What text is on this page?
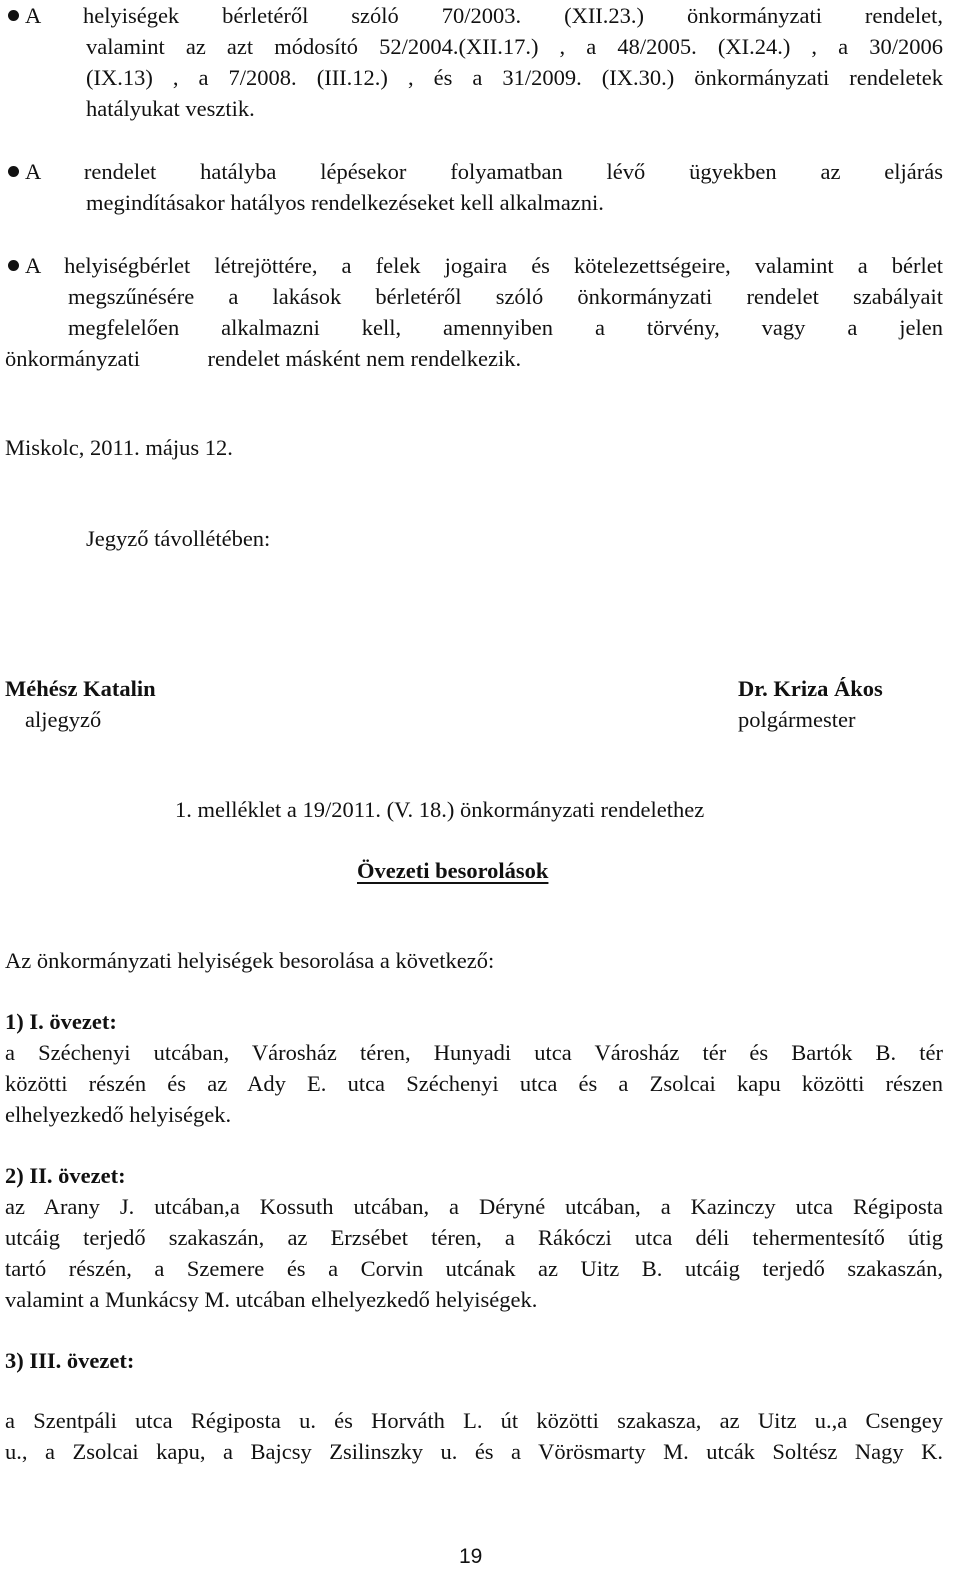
A helyiségek bérletéről szóló 70/2003. (XII.23.) önkormányzati rendelet,
valamint az azt módosító 52/2004.(XII.17.) , a 48/2005. (XI.24.) , a 30/2006
(IX.13) , a 7/2008. (III.12.) , és a 31/2009. (IX.30.) önkormányzati rendeletek
hatályukat vesztik.
A rendelet hatályba lépésekor folyamatban lévő ügyekben az eljárás
megindításakor hatályos rendelkezéseket kell alkalmazni.
A helyiségbérlet létrejöttére, a felek jogaira és kötelezettségeire, valamint a bérlet
megszűnésére a lakások bérletéről szóló önkormányzati rendelet szabályait
megfelelően alkalmazni kell, amennyiben a törvény, vagy a jelen
önkormányzati            rendelet másként nem rendelkezik.
Miskolc, 2011. május 12.
Jegyző távollétében:
Méhész Katalin
aljegyző
Dr. Kriza Ákos
polgármester
1. melléklet a 19/2011. (V. 18.) önkormányzati rendelethez
Övezeti besorolások
Az önkormányzati helyiségek besorolása a következő:
1) I. övezet:
a Széchenyi utcában, Városház téren, Hunyadi utca Városház tér és Bartók B. tér
közötti részén és az Ady E. utca Széchenyi utca és a Zsolcai kapu közötti részen
elhelyezkedő helyiségek.
2) II. övezet:
az Arany J. utcában,a Kossuth utcában, a Déryné utcában, a Kazinczy utca Régiposta
utcáig terjedő szakaszán, az Erzsébet téren, a Rákóczi utca déli tehermentesítő útig
tartó részén, a Szemere és a Corvin utcának az Uitz B. utcáig terjedő szakaszán,
valamint a Munkácsy M. utcában elhelyezkedő helyiségek.
3) III. övezet:
a Szentpáli utca Régiposta u. és Horváth L. út közötti szakasza, az Uitz u.,a Csengey
u., a Zsolcai kapu, a Bajcsy Zsilinszky u. és a Vörösmarty M. utcák Soltész Nagy K.
19
